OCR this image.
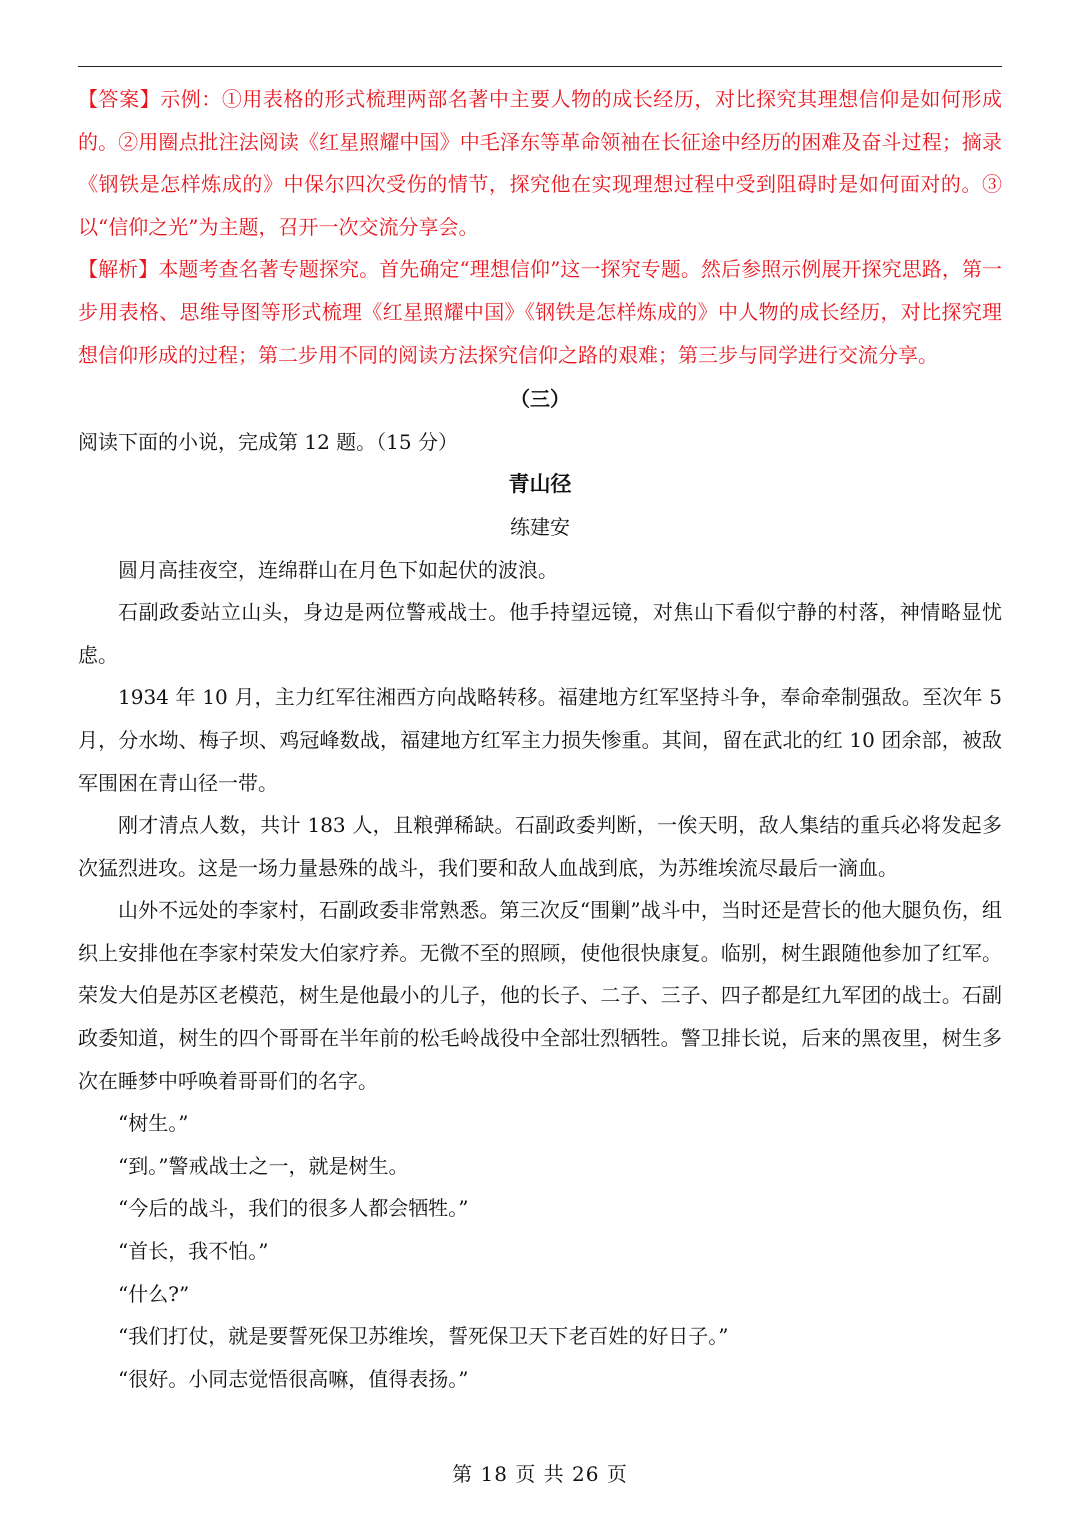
【答案】示例：①用表格的形式梳理两部名著中主要人物的成长经历，对比探究其理想信仰是如何形成的。②用圈点批注法阅读《红星照耀中国》中毛泽东等革命领袖在长征途中经历的困难及奋斗过程；摘录《钢铁是怎样炼成的》中保尔四次受伤的情节，探究他在实现理想过程中受到阻碍时是如何面对的。③以“信仰之光”为主题，召开一次交流分享会。

【解析】本题考查名著专题探究。首先确定“理想信仰”这一探究专题。然后参照示例展开探究思路，第一步用表格、思维导图等形式梳理《红星照耀中国》《钢铁是怎样炼成的》中人物的成长经历，对比探究理想信仰形成的过程；第二步用不同的阅读方法探究信仰之路的艰难；第三步与同学进行交流分享。

（三）

阅读下面的小说，完成第 12 题。（15 分）

青山径

练建安

圆月高挂夜空，连绵群山在月色下如起伏的波浪。

石副政委站立山头，身边是两位警戒战士。他手持望远镜，对焦山下看似宁静的村落，神情略显忧虑。

1934 年 10 月，主力红军往湘西方向战略转移。福建地方红军坚持斗争，奉命牵制强敌。至次年 5 月，分水坳、梅子坝、鸡冠峰数战，福建地方红军主力损失惨重。其间，留在武北的红 10 团余部，被敌军围困在青山径一带。

刚才清点人数，共计 183 人，且粮弹稀缺。石副政委判断，一俟天明，敌人集结的重兵必将发起多次猛烈进攻。这是一场力量悬殊的战斗，我们要和敌人血战到底，为苏维埃流尽最后一滴血。

山外不远处的李家村，石副政委非常熟悉。第三次反“围剿”战斗中，当时还是营长的他大腿负伤，组织上安排他在李家村荣发大伯家疗养。无微不至的照顾，使他很快康复。临别，树生跟随他参加了红军。荣发大伯是苏区老模范，树生是他最小的儿子，他的长子、二子、三子、四子都是红九军团的战士。石副政委知道，树生的四个哥哥在半年前的松毛岭战役中全部壮烈牺牲。警卫排长说，后来的黑夜里，树生多次在睡梦中呼唤着哥哥们的名字。

“树生。”

“到。”警戒战士之一，就是树生。

“今后的战斗，我们的很多人都会牺牲。”

“首长，我不怕。”

“什么?”

“我们打仗，就是要誓死保卫苏维埃，誓死保卫天下老百姓的好日子。”

“很好。小同志觉悟很高嘛，值得表扬。”

第 18 页 共 26 页
